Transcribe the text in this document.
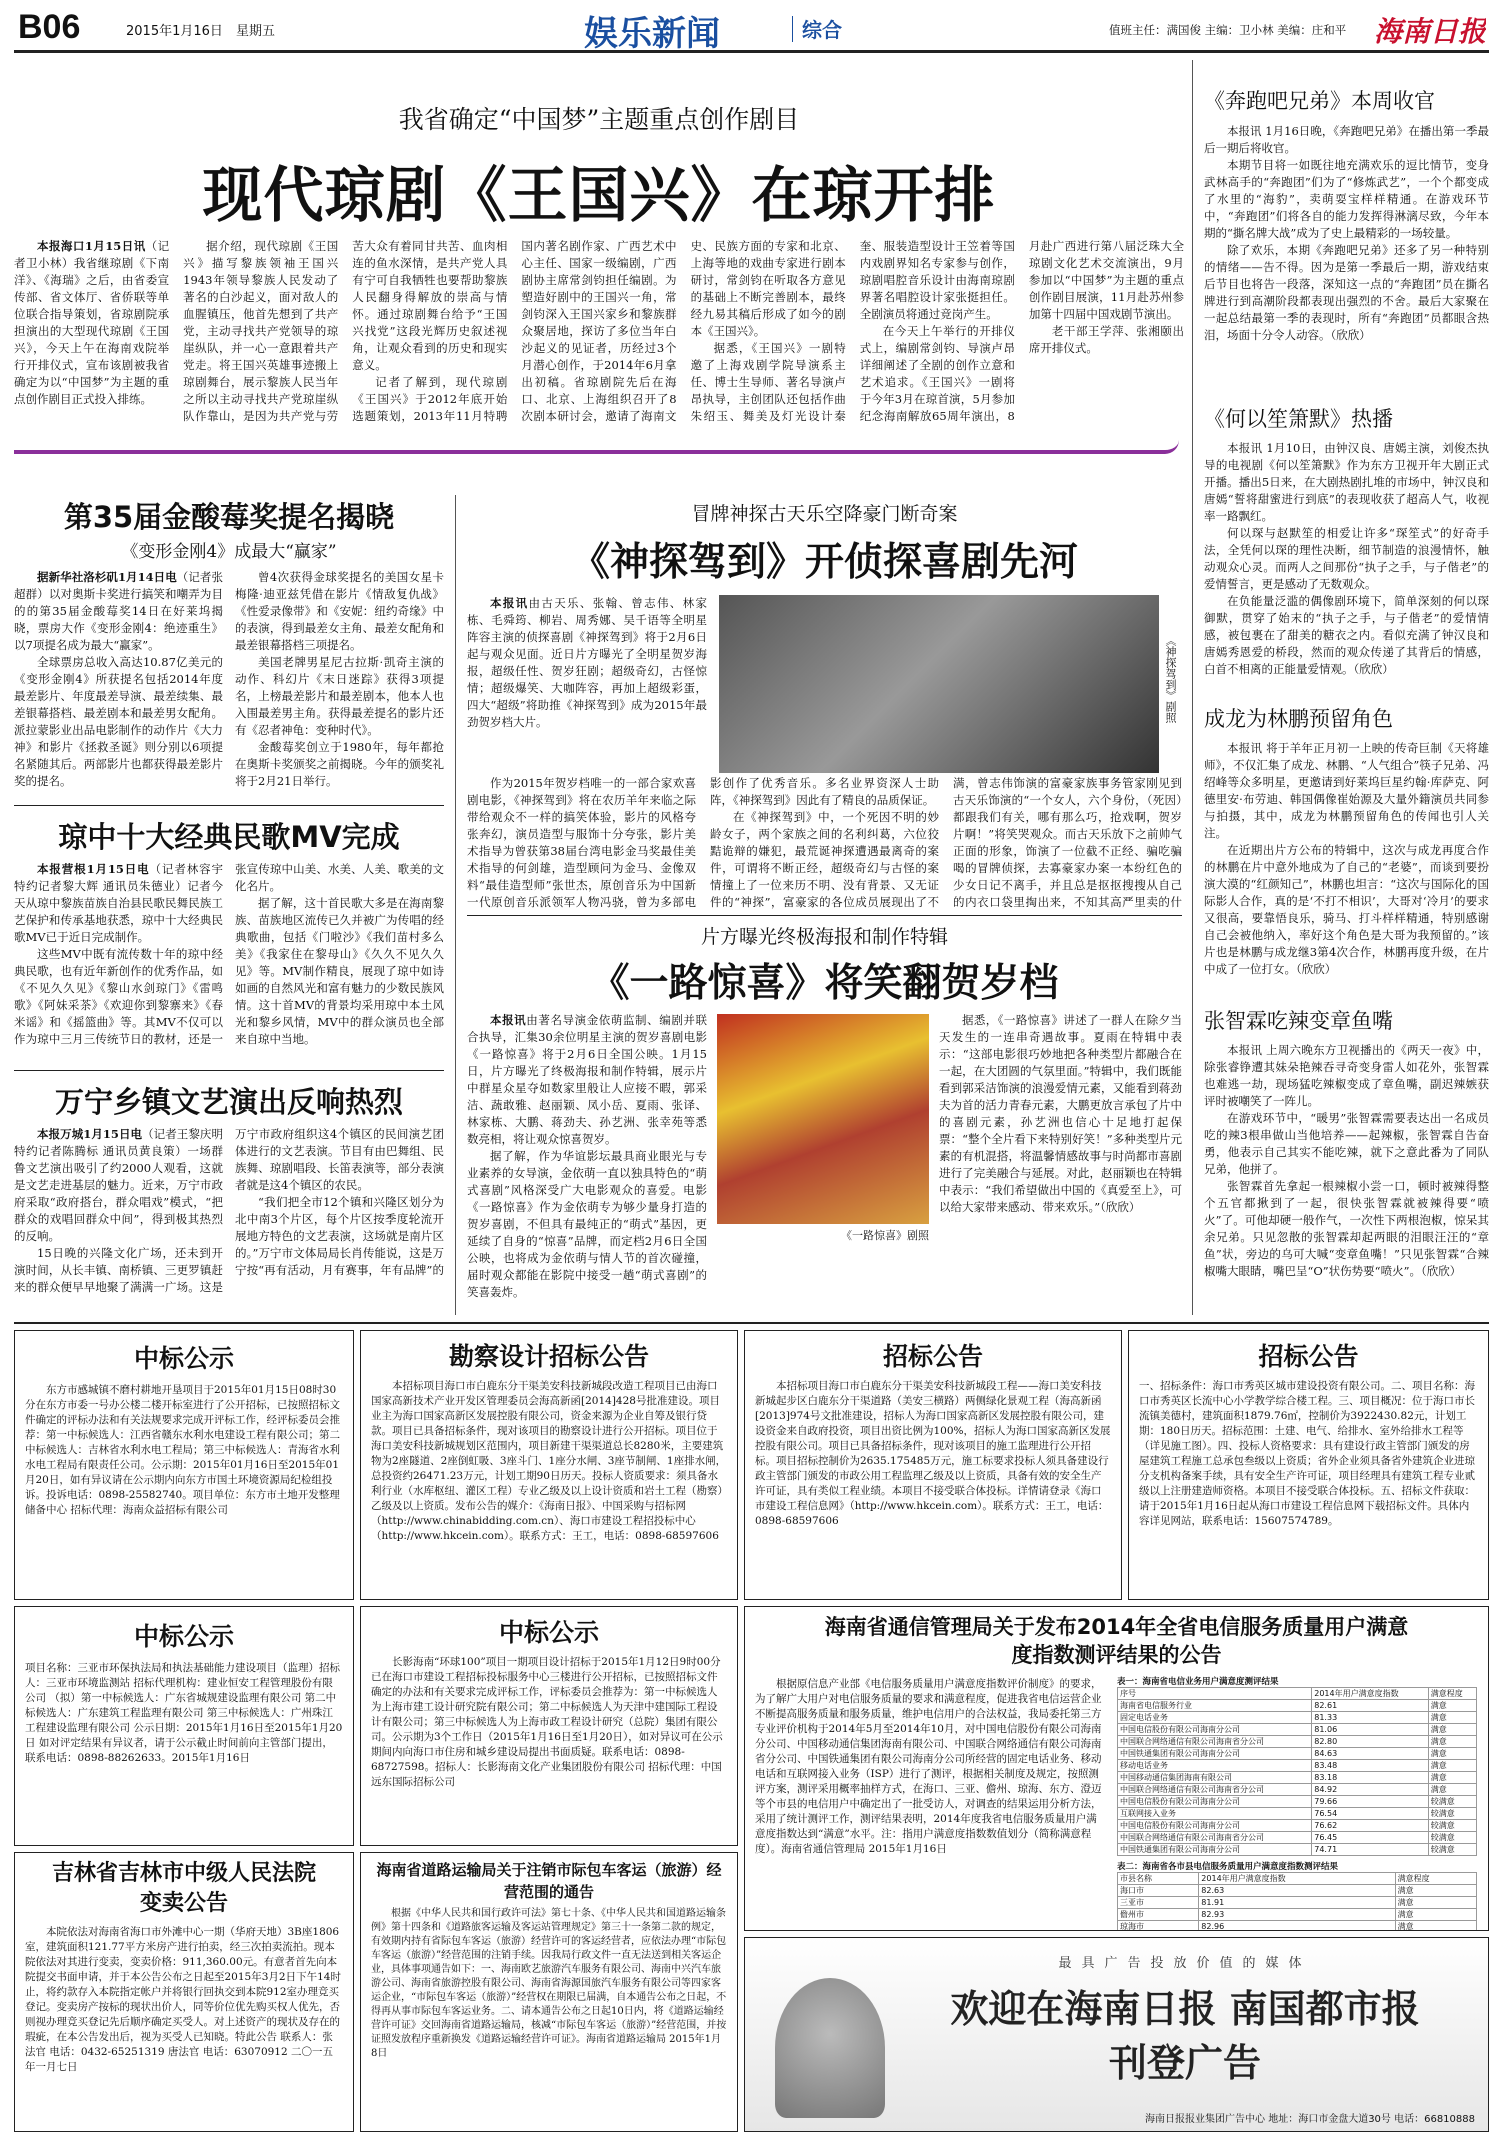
B06	2015年1月16日 星期五	娱乐新闻	综合	值班主任：满国俊 主编：卫小林 美编：庄和平 海南日报
我省确定“中国梦”主题重点创作剧目
现代琼剧《王国兴》在琼开排

本报海口1月15日讯（记者卫小林）我省继琼剧《下南洋》、《海瑞》之后，由省委宣传部、省文体厅、省侨联等单位联合指导策划，省琼剧院承担演出的大型现代琼剧《王国兴》，今天上午在海南戏院举行开排仪式，宣布该剧被我省确定为以“中国梦”为主题的重点创作剧目正式投入排练。

据介绍，现代琼剧《王国兴》描写黎族领袖王国兴1943年领导黎族人民发动了著名的白沙起义，面对敌人的血腥镇压，他首先想到了共产党，主动寻找共产党领导的琼崖纵队，并一心一意跟着共产党走。将王国兴英雄事迹搬上琼剧舞台，展示黎族人民当年之所以主动寻找共产党琼崖纵队作靠山，是因为共产党与劳苦大众有着同甘共苦、血肉相连的鱼水深情，是共产党人具有宁可自我牺牲也要帮助黎族人民翻身得解放的崇高与情怀。通过琼剧舞台给予“王国兴找党”这段光辉历史叙述视角，让观众看到的历史和现实意义。

记者了解到，现代琼剧《王国兴》于2012年底开始选题策划，2013年11月特聘国内著名剧作家、广西艺术中心主任、国家一级编剧，广西剧协主席常剑钧担任编剧。为塑造好剧中的王国兴一角，常剑钧深入王国兴家乡和黎族群众聚居地，探访了多位当年白沙起义的见证者，历经过3个月潜心创作，于2014年6月拿出初稿。省琼剧院先后在海口、北京、上海组织召开了8次剧本研讨会，邀请了海南文史、民族方面的专家和北京、上海等地的戏曲专家进行剧本研讨，常剑钧在听取各方意见的基础上不断完善剧本，最终经九易其稿后形成了如今的剧本《王国兴》。

据悉，《王国兴》一剧特邀了上海戏剧学院导演系主任、博士生导师、著名导演卢昂执导，主创团队还包括作曲朱绍玉、舞美及灯光设计秦奎、服装造型设计王笠着等国内戏剧界知名专家参与创作，琼剧唱腔音乐设计由海南琼剧界著名唱腔设计家张挺担任。全剧演员将通过竞岗产生。

在今天上午举行的开排仪式上，编剧常剑钧、导演卢昂详细阐述了全剧的创作立意和艺术追求。《王国兴》一剧将于今年3月在琼首演，5月参加纪念海南解放65周年演出，8月赴广西进行第八届泛珠大全琼剧文化艺术交流演出，9月参加以“中国梦”为主题的重点创作剧目展演，11月赴苏州参加第十四届中国戏剧节演出。

老干部王学萍、张湘颐出席开排仪式。

第35届金酸莓奖提名揭晓
《变形金刚4》成最大“赢家”

据新华社洛杉矶1月14日电（记者张超群）以对奥斯卡奖进行搞笑和嘲弄为目的的第35届金酸莓奖14日在好莱坞揭晓，票房大作《变形金刚4：绝迹重生》以7项提名成为最大“赢家”。

全球票房总收入高达10.87亿美元的《变形金刚4》所获提名包括2014年度最差影片、年度最差导演、最差续集、最差银幕搭档、最差剧本和最差男女配角。派拉蒙影业出品电影制作的动作片《大力神》和影片《拯救圣诞》则分别以6项提名紧随其后。两部影片也都获得最差影片奖的提名。

曾4次获得金球奖提名的美国女星卡梅隆·迪亚兹凭借在影片《情敌复仇战》《性爱录像带》和《安妮：纽约奇缘》中的表演，得到最差女主角、最差女配角和最差银幕搭档三项提名。

美国老牌男星尼古拉斯·凯奇主演的动作、科幻片《末日迷踪》获得3项提名，上榜最差影片和最差剧本，他本人也入围最差男主角。获得最差提名的影片还有《忍者神龟：变种时代》。

金酸莓奖创立于1980年，每年都抢在奥斯卡奖颁奖之前揭晓。今年的颁奖礼将于2月21日举行。

琼中十大经典民歌MV完成

本报营根1月15日电（记者林容宇 特约记者黎大辉 通讯员朱德业）记者今天从琼中黎族苗族自治县民歌民舞民族工艺保护和传承基地获悉，琼中十大经典民歌MV已于近日完成制作。

这些MV中既有流传数十年的琼中经典民歌，也有近年新创作的优秀作品，如《不见久久见》《黎山水剑琼门》《雷鸣歌》《阿妹采茶》《欢迎你到黎寨来》《春米谣》和《摇篮曲》等。其MV不仅可以作为琼中三月三传统节日的教材，还是一张宣传琼中山美、水美、人美、歌美的文化名片。

据了解，这十首民歌大多是在海南黎族、苗族地区流传已久并被广为传唱的经典歌曲，包括《门啦沙》《我们苗村多么美》《我家住在黎母山》《久久不见久久见》等。MV制作精良，展现了琼中如诗如画的自然风光和富有魅力的少数民族风情。这十首MV的背景均采用琼中本土风光和黎乡风情，MV中的群众演员也全部来自琼中当地。

万宁乡镇文艺演出反响热烈

本报万城1月15日电（记者王黎庆明 特约记者陈腾标 通讯员黄良策）一场群鲁文艺演出吸引了约2000人观看，这就是文艺走进基层的魅力。近来，万宁市政府采取“政府搭台，群众唱戏”模式，“把群众的戏唱回群众中间”，得到极其热烈的反响。

15日晚的兴隆文化广场，还未到开演时间，从长丰镇、南桥镇、三更罗镇赶来的群众便早早地聚了满满一广场。这是万宁市政府组织这4个镇区的民间演艺团体进行的文艺表演。节目有由巴舞组、民族舞、琼剧唱段、长笛表演等，部分表演者就是这4个镇区的农民。

“我们把全市12个镇和兴隆区划分为北中南3个片区，每个片区按季度轮流开展地方特色的文艺表演，这场就是南片区的。”万宁市文体局局长肖传能说，这是万宁按“再有活动，月有赛事，年有品牌”的

冒牌神探古天乐空降豪门断奇案
《神探驾到》开侦探喜剧先河

本报讯由古天乐、张翰、曾志伟、林家栋、毛舜筠、柳岩、周秀娜、吴千语等全明星阵容主演的侦探喜剧《神探驾到》将于2月6日起与观众见面。近日片方曝光了全明星贺岁海报，超级任性、贺岁狂剧；超级奇幻，古怪惊情；超级爆笑、大咖阵容，再加上超级彩蛋，四大“超级”将助推《神探驾到》成为2015年最劲贺岁档大片。	《神探驾到》剧照

作为2015年贺岁档唯一的一部合家欢喜剧电影，《神探驾到》将在农历羊年来临之际带给观众不一样的搞笑体验，影片的风格夸张奔幻，演员造型与服饰十分夸张，影片美术指导为曾获第38届台湾电影金马奖最佳美术指导的何剑雄，造型顾问为金马、金像双料“最佳造型师”张世杰，原创音乐为中国新一代原创音乐派领军人物冯骁，曾为多部电影创作了优秀音乐。多名业界资深人士助阵，《神探驾到》因此有了精良的品质保证。

在《神探驾到》中，一个死因不明的妙龄女子，两个家族之间的名利纠葛，六位狡黠诡辩的嫌犯，最荒诞神探遭遇最离奇的案件，可谓将不断正经，超级奇幻与古怪的案情撞上了一位来历不明、没有背景、又无证件的“神探”，富豪家的各位成员展现出了不满，曾志伟饰演的富豪家族事务管家刚见到古天乐饰演的“一个女人，六个身份，（死因）都跟我们有关，哪有那么巧，抢戏啊，贺岁片啊！”将笑哭观众。而古天乐放下之前帅气正面的形象，饰演了一位截不正经、骗吃骗喝的冒牌侦探，去寡豪家办案一本纷红色的少女日记不离手，并且总是抠抠搜搜从自己的内衣口袋里掏出来，不知其高严里卖的什

片方曝光终极海报和制作特辑
《一路惊喜》将笑翻贺岁档

本报讯由著名导演金依萌监制、编剧并联合执导，汇集30余位明星主演的贺岁喜剧电影《一路惊喜》将于2月6日全国公映。1月15日，片方曝光了终极海报和制作特辑，展示片中群星众星夺如数家里般让人应接不暇，郭采洁、蔬敢雅、赵丽颖、凤小岳、夏雨、张译、林家栋、大鹏、蒋劲夫、孙艺洲、张幸苑等悉数亮相，将让观众惊喜贺岁。

据了解，作为华谊影坛最具商业眼光与专业素养的女导演，金依萌一直以独具特色的“萌式喜剧”风格深受广大电影观众的喜爱。电影《一路惊喜》作为金依萌专为够少量身打造的贺岁喜剧，不但具有最纯正的“萌式”基因，更延续了自身的“惊喜”品牌，而定档2月6日全国公映，也将成为金依萌与情人节的首次碰撞，届时观众都能在影院中接受一趟“萌式喜剧”的笑喜轰炸。

《一路惊喜》剧照

据悉，《一路惊喜》讲述了一群人在除夕当天发生的一连串奇遇故事。夏雨在特辑中表示：“这部电影很巧妙地把各种类型片都融合在一起，在大团圆的气氛里面。”特辑中，我们既能看到郭采洁饰演的浪漫爱情元素，又能看到蒋劲夫为首的活力青春元素，大鹏更放言承包了片中的喜剧元素，孙艺洲也信心十足地打起保票：“整个全片看下来特别好笑！”多种类型片元素的有机混搭，将温馨情感故事与时尚都市喜剧进行了完美融合与延展。对此，赵丽颖也在特辑中表示：“我们希望做出中国的《真爱至上》，可以给大家带来感动、带来欢乐。”（欣欣）

《奔跑吧兄弟》本周收官

本报讯 1月16日晚，《奔跑吧兄弟》在播出第一季最后一期后将收官。

本期节目将一如既往地充满欢乐的逗比情节，变身武林高手的“奔跑团”们为了“修炼武艺”，一个个都变成了水里的“海豹”，卖萌耍宝样样精通。在游戏环节中，“奔跑团”们将各自的能力发挥得淋漓尽致，今年本期的“撕名牌大战”成为了史上最精彩的一场较量。

除了欢乐，本期《奔跑吧兄弟》还多了另一种特别的情绪——告不得。因为是第一季最后一期，游戏结束后节目也将告一段落，深知这一点的“奔跑团”员在撕名牌进行到高潮阶段都表现出强烈的不舍。最后大家聚在一起总结最第一季的表现时，所有“奔跑团”员都眼含热泪，场面十分令人动容。（欣欣）

《何以笙箫默》热播

本报讯 1月10日，由钟汉良、唐嫣主演，刘俊杰执导的电视剧《何以笙箫默》作为东方卫视开年大剧正式开播。播出5日来，在大剧热剧扎堆的市场中，钟汉良和唐嫣“誓将甜蜜进行到底”的表现收获了超高人气，收视率一路飘红。

何以琛与赵默笙的相爱让许多“琛笙式”的好奇手法，全凭何以琛的理性决断，细节制造的浪漫情怀，触动观众心灵。而两人之间那份“执子之手，与子偕老”的爱情誓言，更是感动了无数观众。

在负能量泛滥的偶像剧环境下，简单深刻的何以琛御默，贯穿了始末的“执子之手，与子偕老”的爱情情感，被包裹在了甜美的糖衣之内。看似充满了钟汉良和唐嫣秀恩爱的桥段，然而的观众传递了其背后的情感，白首不相离的正能量爱情观。（欣欣）

成龙为林鹏预留角色

本报讯 将于羊年正月初一上映的传奇巨制《天将雄师》，不仅汇集了成龙、林鹏、“人气组合”筷子兄弟、冯绍峰等众多明星，更邀请到好莱坞巨星约翰·库萨克、阿德里安·布劳迪、韩国偶像崔始源及大量外籍演员共同参与拍摄，其中，成龙为林鹏预留角色的传闻也引人关注。

在近期出片方公布的特辑中，这次与成龙再度合作的林鹏在片中意外地成为了自己的“老婆”，而谈到要扮演大漠的“红颜知己”，林鹏也坦言：“这次与国际化的国际影人合作，真的是‘不打不相识’，大哥对‘冷月’的要求又很高，要靠悟良乐，骑马、打斗样样精通，特别感谢自己会被他纳入，率好这个角色是大哥为我预留的。”该片也是林鹏与成龙继3第4次合作，林鹏再度升级，在片中成了一位打女。（欣欣）

张智霖吃辣变章鱼嘴

本报讯 上周六晚东方卫视播出的《两天一夜》中，除张睿铮遭其妹朵艳辣吞寻奇变身雷人如花外，张智霖也难逃一劫，现场猛吃辣椒变成了章鱼嘴，副迟辣嫉获评时被嘲笑了一阵儿。

在游戏环节中，“暖男”张智霖需要表达出一名成员吃的辣3根串做山当他培养——起辣椒，张智霖自告奋勇，他表示自己其实不能吃辣，就下之意此番为了同队兄弟，他拼了。

张智霖首先拿起一根辣椒小尝一口，顿时被辣得整个五官都揪到了一起，很快张智霖就被辣得要“喷火”了。可他却硬一般作气，一次性下两根泡椒，惊呆其余兄弟。只见忽散的张智霖却起两眼的泪眼汪汪的“章鱼”状，旁边的乌可大喊“变章鱼嘴！”只见张智霖“合辣椒嘴大眼睛，嘴巴呈“O”状伤势要“喷火”。（欣欣）

中标公示
东方市感城镇不磨村耕地开垦项目于2015年01月15日08时30分在东方市委一号办公楼二楼开标室进行了公开招标，已按照招标文件确定的评标办法和有关法规要求完成开评标工作，经评标委员会推荐：第一中标候选人：江西省赣东水利水电建设工程有限公司；第二中标候选人：吉林省水利水电工程局；第三中标候选人：青海省水利水电工程局有限责任公司。公示期：2015年01月16日至2015年01月20日，如有异议请在公示期内向东方市国土环境资源局纪检组投诉。投诉电话：0898-25582740。项目单位：东方市土地开发整理储备中心 招标代理：海南众益招标有限公司
勘察设计招标公告
本招标项目海口市白鹿东分干渠美安科技新城段改造工程项目已由海口国家高新技术产业开发区管理委员会海高新函[2014]428号批准建设。项目业主为海口国家高新区发展控股有限公司，资金来源为企业自筹及银行贷款。项目已具备招标条件，现对该项目的勘察设计进行公开招标。项目位于海口美安科技新城规划区范围内，项目新建干渠渠道总长8280米，主要建筑物为2座隧道、2座倒虹吸、3座斗门、1座分水闸、3座节制闸、1座排水闸，总投资约26471.23万元，计划工期90日历天。投标人资质要求：须具备水利行业（水库枢纽、灌区工程）专业乙级及以上设计资质和岩土工程（勘察）乙级及以上资质。发布公告的媒介：《海南日报》、中国采购与招标网（http://www.chinabidding.com.cn）、海口市建设工程招投标中心（http://www.hkcein.com）。联系方式：王工，电话：0898-68597606
招标公告
本招标项目海口市白鹿东分干渠美安科技新城段工程——海口美安科技新城起步区白鹿东分干渠道路（美安三横路）两侧绿化景观工程（海高新函[2013]974号文批准建设，招标人为海口国家高新区发展控股有限公司，建设资金来自政府投资，项目出资比例为100%，招标人为海口国家高新区发展控股有限公司。项目已具备招标条件，现对该项目的施工监理进行公开招标。项目招标控制价为2635.175485万元，施工标要求投标人须具备建设行政主管部门颁发的市政公用工程监理乙级及以上资质，具备有效的安全生产许可证，具有类似工程业绩。本项目不接受联合体投标。详情请登录《海口市建设工程信息网》（http://www.hkcein.com）。联系方式：王工，电话：0898-68597606
招标公告
一、招标条件：海口市秀英区城市建设投资有限公司。二、项目名称：海口市秀英区长流中心小学教学综合楼工程。三、项目概况：位于海口市长流镇美德村，建筑面积1879.76㎡，控制价为3922430.82元，计划工期：180日历天。招标范围：土建、电气、给排水、室外给排水工程等（详见施工图）。四、投标人资格要求：具有建设行政主管部门颁发的房屋建筑工程施工总承包叁级以上资质；省外企业须具备省外建筑企业进琼分支机构备案手续，具有安全生产许可证，项目经理具有建筑工程专业贰级以上注册建造师资格。本项目不接受联合体投标。五、招标文件获取：请于2015年1月16日起从海口市建设工程信息网下载招标文件。具体内容详见网站，联系电话：15607574789。
中标公示
项目名称：三亚市环保执法局和执法基础能力建设项目（监理）招标人：三亚市环境监测站 招标代理机构：建业恒安工程管理股份有限公司 （拟）第一中标候选人：广东省城规建设监理有限公司 第二中标候选人：广东建筑工程监理有限公司 第三中标候选人：广州珠江工程建设监理有限公司 公示日期：2015年1月16日至2015年1月20日 如对评定结果有异议者，请于公示截止时间前向主管部门提出，联系电话：0898-88262633。2015年1月16日
中标公示
长影海南“环球100”项目一期项目设计招标于2015年1月12日9时00分已在海口市建设工程招标投标服务中心三楼进行公开招标，已按照招标文件确定的办法和有关要求完成评标工作，评标委员会推荐为：第一中标候选人为上海市建工设计研究院有限公司；第二中标候选人为天津中建国际工程设计有限公司；第三中标候选人为上海市政工程设计研究（总院）集团有限公司。公示期为3个工作日（2015年1月16日至1月20日），如对异议可在公示期间内向海口市住房和城乡建设局提出书面质疑。联系电话：0898-68727598。招标人：长影海南文化产业集团股份有限公司 招标代理：中国远东国际招标公司
海南省通信管理局关于发布2014年全省电信服务质量用户满意度指数测评结果的公告
根据原信息产业部《电信服务质量用户满意度指数评价制度》的要求，为了解广大用户对电信服务质量的要求和满意程度，促进我省电信运营企业不断提高服务质量和服务质量，维护电信用户的合法权益，我局委托第三方专业评价机构于2014年5月至2014年10月，对中国电信股份有限公司海南分公司、中国移动通信集团海南有限公司、中国联合网络通信有限公司海南省分公司、中国铁通集团有限公司海南分公司所经营的固定电话业务、移动电话和互联网接入业务（ISP）进行了测评，根据相关制度及规定，按照测评方案，测评采用概率抽样方式，在海口、三亚、儋州、琼海、东方、澄迈等个市县的电信用户中确定出了一批受访人，对调查的结果运用分析方法，采用了统计测评工作，测评结果表明，2014年度我省电信服务质量用户满意度指数达到“满意”水平。注：指用户满意度指数数值划分（简称满意程度）。海南省通信管理局 2015年1月16日
表一：海南省电信业务用户满意度测评结果
序号	2014年用户满意度指数	满意程度
海南省电信服务行业	82.61	满意
固定电话业务	81.33	满意
中国电信股份有限公司海南分公司	81.06	满意
中国联合网络通信有限公司海南省分公司	82.80	满意
中国铁通集团有限公司海南分公司	84.63	满意
移动电话业务	83.48	满意
中国移动通信集团海南有限公司	83.18	满意
中国联合网络通信有限公司海南省分公司	84.92	满意
中国电信股份有限公司海南分公司	79.66	较满意
互联网接入业务	76.54	较满意
中国电信股份有限公司海南分公司	76.62	较满意
中国联合网络通信有限公司海南省分公司	76.45	较满意
中国铁通集团有限公司海南分公司	74.71	较满意
表二：海南省各市县电信服务质量用户满意度指数测评结果
市县名称	2014年用户满意度指数	满意程度
海口市	82.63	满意
三亚市	81.91	满意
儋州市	82.93	满意
琼海市	82.96	满意

吉林省吉林市中级人民法院变卖公告
本院依法对海南省海口市外滩中心一期（华府天地）3B座1806室，建筑面积121.77平方米房产进行拍卖，经三次拍卖流拍。现本院依法对其进行变卖，变卖价格：911,360.00元。有意者首先向本院提交书面申请，并于本公告公布之日起至2015年3月2日下午14时止，将约款存入本院指定帐户并将银行回执交到本院912室办理竞买登记。变卖房产按标的现状出价人，同等价位优先购买权人优先，否则视办理竞买登记先后顺序确定买受人。对上述资产的现状及存在的瑕疵，在本公告发出后，视为买受人已知晓。特此公告 联系人：张法官 电话：0432-65251319 唐法官 电话：63070912 二〇一五年一月七日
海南省道路运输局关于注销市际包车客运（旅游）经营范围的通告
根据《中华人民共和国行政许可法》第七十条、《中华人民共和国道路运输条例》第十四条和《道路旅客运输及客运站管理规定》第三十一条第二款的规定，有效期内持有省际包车客运（旅游）经营许可的客运经营者，应依法办理“市际包车客运（旅游）”经营范围的注销手续。因我局行政文件一直无法送到相关客运企业，具体事项通告如下：一、海南欧艺旅游汽车服务有限公司、海南中兴汽车旅游公司、海南省旅游控股有限公司、海南省海源国旅汽车服务有限公司等四家客运企业，“市际包车客运（旅游）”经营权在期限已届满，自本通告公布之日起，不得再从事市际包车客运业务。二、请本通告公布之日起10日内，将《道路运输经营许可证》交回海南省道路运输局，核减“市际包车客运（旅游）”经营范围，并按证照发放程序重新换发《道路运输经营许可证》。海南省道路运输局 2015年1月8日
最具广告投放价值的媒体
欢迎在海南日报 南国都市报 刊登广告
海南日报报业集团广告中心 地址：海口市金盘大道30号 电话：66810888
